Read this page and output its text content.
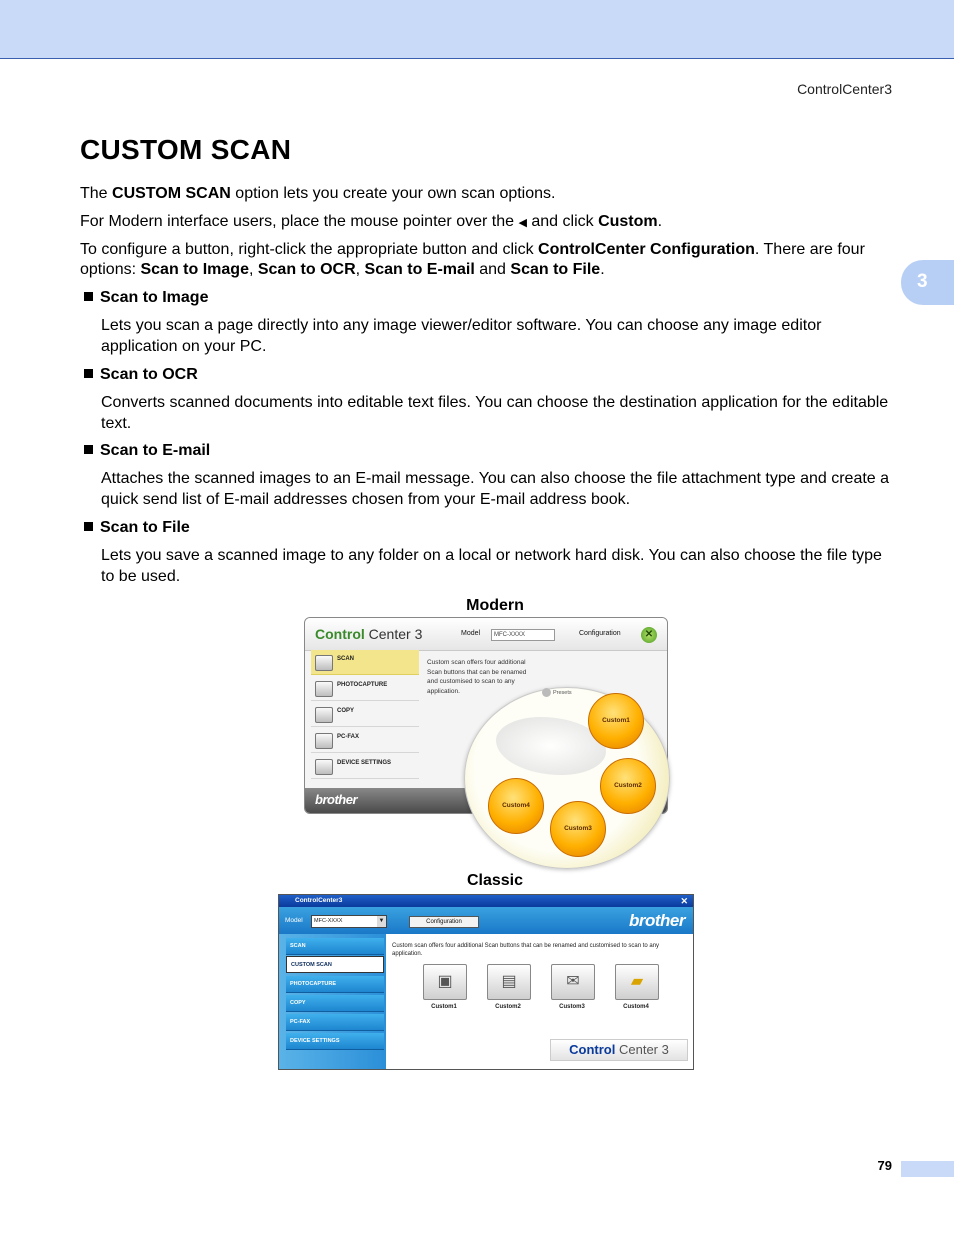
ControlCenter3
3
CUSTOM SCAN

The CUSTOM SCAN option lets you create your own scan options.

For Modern interface users, place the mouse pointer over the ◀ and click Custom.

To configure a button, right-click the appropriate button and click ControlCenter Configuration. There are four options: Scan to Image, Scan to OCR, Scan to E-mail and Scan to File.

Scan to Image

Lets you scan a page directly into any image viewer/editor software. You can choose any image editor application on your PC.

Scan to OCR

Converts scanned documents into editable text files. You can choose the destination application for the editable text.

Scan to E-mail

Attaches the scanned images to an E-mail message. You can also choose the file attachment type and create a quick send list of E-mail addresses chosen from your E-mail address book.

Scan to File

Lets you save a scanned image to any folder on a local or network hard disk. You can also choose the file type to be used.

Modern
Control Center 3	Model	MFC-XXXX	Configuration	✕
SCAN
PHOTOCAPTURE
COPY
PC-FAX
DEVICE SETTINGS
Custom scan offers four additional Scan buttons that can be renamed and customised to scan to any application.
brother
Presets
Custom1
Custom2
Custom3
Custom4
Classic
ControlCenter3	✕
Model	MFC-XXXX	▼	Configuration	brother
SCAN
CUSTOM SCAN
PHOTOCAPTURE
COPY
PC-FAX
DEVICE SETTINGS
Custom scan offers four additional Scan buttons that can be renamed and customised to scan to any application.
▣
Custom1
▤
Custom2
✉
Custom3
▰
Custom4
Control Center 3
79
